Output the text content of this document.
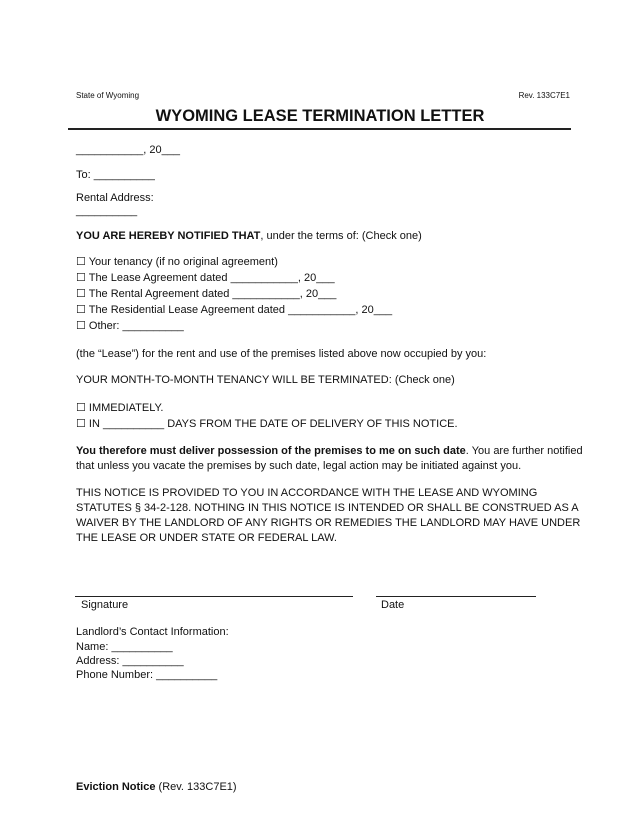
State of Wyoming	Rev. 133C7E1
WYOMING LEASE TERMINATION LETTER
___________, 20___
To: __________
Rental Address:
__________
YOU ARE HEREBY NOTIFIED THAT, under the terms of: (Check one)
☐ Your tenancy (if no original agreement)
☐ The Lease Agreement dated ___________, 20___
☐ The Rental Agreement dated ___________, 20___
☐ The Residential Lease Agreement dated ___________, 20___
☐ Other: __________
(the “Lease”) for the rent and use of the premises listed above now occupied by you:
YOUR MONTH-TO-MONTH TENANCY WILL BE TERMINATED: (Check one)
☐ IMMEDIATELY.
☐ IN __________ DAYS FROM THE DATE OF DELIVERY OF THIS NOTICE.
You therefore must deliver possession of the premises to me on such date. You are further notified
that unless you vacate the premises by such date, legal action may be initiated against you.
THIS NOTICE IS PROVIDED TO YOU IN ACCORDANCE WITH THE LEASE AND WYOMING
STATUTES § 34-2-128. NOTHING IN THIS NOTICE IS INTENDED OR SHALL BE CONSTRUED AS A
WAIVER BY THE LANDLORD OF ANY RIGHTS OR REMEDIES THE LANDLORD MAY HAVE UNDER
THE LEASE OR UNDER STATE OR FEDERAL LAW.
Signature	Date
Landlord’s Contact Information:
Name: __________
Address: __________
Phone Number: __________
Eviction Notice (Rev. 133C7E1)
